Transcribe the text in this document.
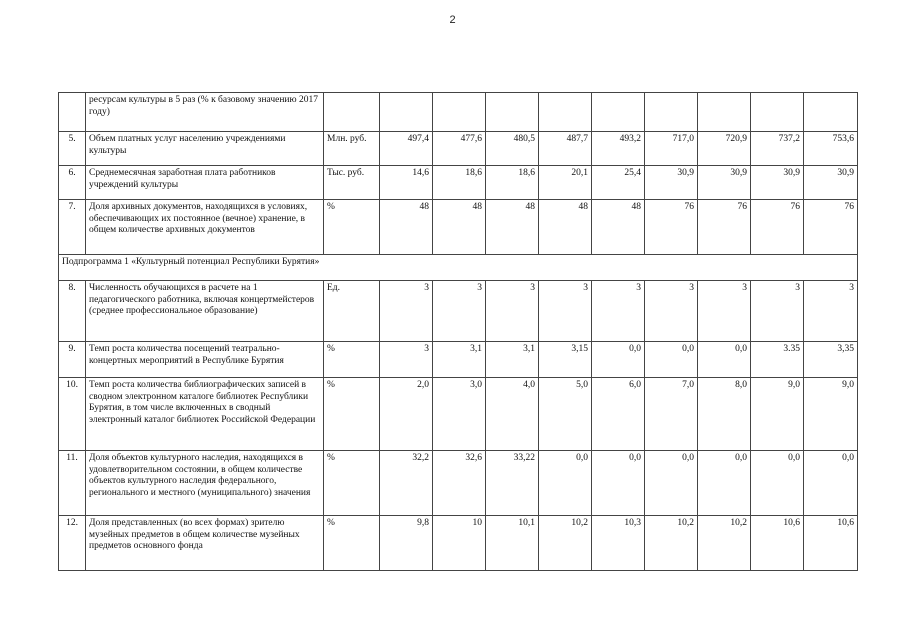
2
	ресурсам культуры в 5 раз (% к базовому значению 2017 году)										
5.	Объем платных услуг населению учреждениями культуры	Млн. руб.	497,4	477,6	480,5	487,7	493,2	717,0	720,9	737,2	753,6
6.	Среднемесячная заработная плата работников учреждений культуры	Тыс. руб.	14,6	18,6	18,6	20,1	25,4	30,9	30,9	30,9	30,9
7.	Доля архивных документов, находящихся в условиях, обеспечивающих их постоянное (вечное) хранение, в общем количестве архивных документов	%	48	48	48	48	48	76	76	76	76
Подпрограмма 1 «Культурный потенциал Республики Бурятия»											
8.	Численность обучающихся в расчете на 1 педагогического работника, включая концертмейстеров (среднее профессиональное образование)	Ед.	3	3	3	3	3	3	3	3	3
9.	Темп роста количества посещений театрально-концертных мероприятий в Республике Бурятия	%	3	3,1	3,1	3,15	0,0	0,0	0,0	3.35	3,35
10.	Темп роста количества библиографических записей в сводном электронном каталоге библиотек Республики Бурятия, в том числе включенных в сводный электронный каталог библиотек Российской Федерации	%	2,0	3,0	4,0	5,0	6,0	7,0	8,0	9,0	9,0
11.	Доля объектов культурного наследия, находящихся в удовлетворительном состоянии, в общем количестве объектов культурного наследия федерального, регионального и местного (муниципального) значения	%	32,2	32,6	33,22	0,0	0,0	0,0	0,0	0,0	0,0
12.	Доля представленных (во всех формах) зрителю музейных предметов в общем количестве музейных предметов основного фонда	%	9,8	10	10,1	10,2	10,3	10,2	10,2	10,6	10,6
